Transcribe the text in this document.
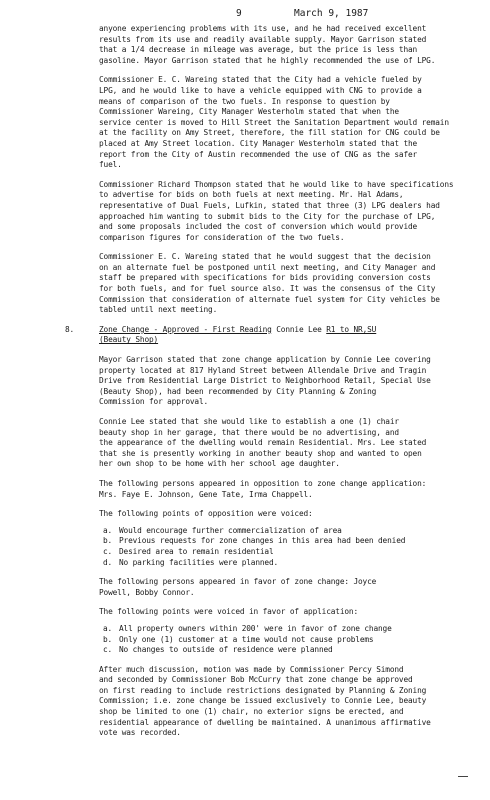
9	March 9, 1987

anyone experiencing problems with its use, and he had received excellent
results from its use and readily available supply. Mayor Garrison stated
that a 1/4 decrease in mileage was average, but the price is less than
gasoline. Mayor Garrison stated that he highly recommended the use of LPG.

Commissioner E. C. Wareing stated that the City had a vehicle fueled by
LPG, and he would like to have a vehicle equipped with CNG to provide a
means of comparison of the two fuels. In response to question by
Commissioner Wareing, City Manager Westerholm stated that when the
service center is moved to Hill Street the Sanitation Department would remain
at the facility on Amy Street, therefore, the fill station for CNG could be
placed at Amy Street location. City Manager Westerholm stated that the
report from the City of Austin recommended the use of CNG as the safer
fuel.

Commissioner Richard Thompson stated that he would like to have specifications
to advertise for bids on both fuels at next meeting. Mr. Hal Adams,
representative of Dual Fuels, Lufkin, stated that three (3) LPG dealers had
approached him wanting to submit bids to the City for the purchase of LPG,
and some proposals included the cost of conversion which would provide
comparison figures for consideration of the two fuels.

Commissioner E. C. Wareing stated that he would suggest that the decision
on an alternate fuel be postponed until next meeting, and City Manager and
staff be prepared with specifications for bids providing conversion costs
for both fuels, and for fuel source also. It was the consensus of the City
Commission that consideration of alternate fuel system for City vehicles be
tabled until next meeting.

8.	Zone Change - Approved - First Reading Connie Lee R1 to NR,SU
(Beauty Shop)

Mayor Garrison stated that zone change application by Connie Lee covering
property located at 817 Hyland Street between Allendale Drive and Tragin
Drive from Residential Large District to Neighborhood Retail, Special Use
(Beauty Shop), had been recommended by City Planning & Zoning
Commission for approval.

Connie Lee stated that she would like to establish a one (1) chair
beauty shop in her garage, that there would be no advertising, and
the appearance of the dwelling would remain Residential. Mrs. Lee stated
that she is presently working in another beauty shop and wanted to open
her own shop to be home with her school age daughter.

The following persons appeared in opposition to zone change application:
Mrs. Faye E. Johnson, Gene Tate, Irma Chappell.

The following points of opposition were voiced:

a. Would encourage further commercialization of area
b. Previous requests for zone changes in this area had been denied
c. Desired area to remain residential
d. No parking facilities were planned.

The following persons appeared in favor of zone change: Joyce
Powell, Bobby Connor.

The following points were voiced in favor of application:

a. All property owners within 200' were in favor of zone change
b. Only one (1) customer at a time would not cause problems
c. No changes to outside of residence were planned

After much discussion, motion was made by Commissioner Percy Simond
and seconded by Commissioner Bob McCurry that zone change be approved
on first reading to include restrictions designated by Planning & Zoning
Commission; i.e. zone change be issued exclusively to Connie Lee, beauty
shop be limited to one (1) chair, no exterior signs be erected, and
residential appearance of dwelling be maintained. A unanimous affirmative
vote was recorded.
